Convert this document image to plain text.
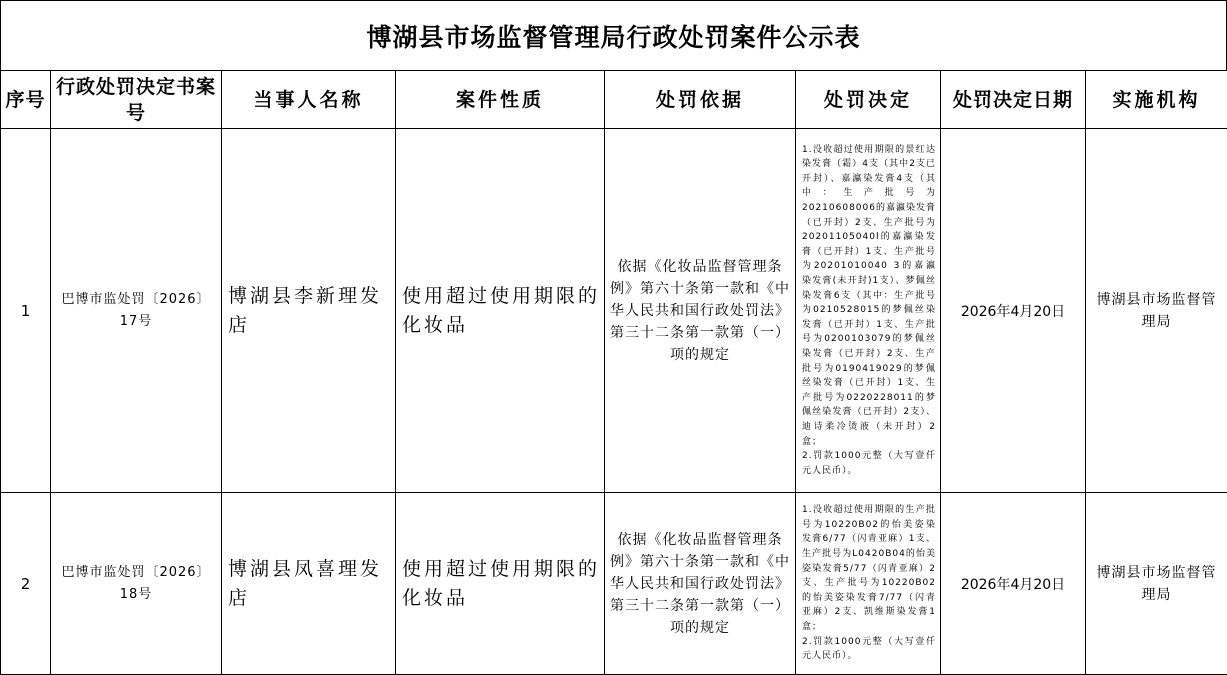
博湖县市场监督管理局行政处罚案件公示表
序号	行政处罚决定书案号	当事人名称	案件性质	处罚依据	处罚决定	处罚决定日期	实施机构
1	巴博市监处罚〔2026〕17号	博湖县李新理发店	使用超过使用期限的化妆品	依据《化妆品监督管理条例》第六十条第一款和《中华人民共和国行政处罚法》第三十二条第一款第（一）项的规定	1.没收超过使用期限的景红达染发膏（霜）4支（其中2支已开封）、嘉瀛染发膏4支（其中：生产批号为20210608006的嘉瀛染发膏（已开封）2支、生产批号为20201105040l的嘉瀛染发膏（已开封）1支、生产批号为20201010040 3的嘉瀛染发膏(未开封)1支）、梦佩丝染发膏6支（其中：生产批号为0210528015的梦佩丝染发膏（已开封）1支、生产批号为0200103079的梦佩丝染发膏（已开封）2支、生产批号为0190419029的梦佩丝染发膏（已开封）1支、生产批号为0220228011的梦佩丝染发膏（已开封）2支）、迪诗柔冷烫液（未开封）2盒；

2.罚款1000元整（大写壹仟元人民币）。	2026年4月20日	博湖县市场监督管理局
2	巴博市监处罚〔2026〕18号	博湖县凤喜理发店	使用超过使用期限的化妆品	依据《化妆品监督管理条例》第六十条第一款和《中华人民共和国行政处罚法》第三十二条第一款第（一）项的规定	1.没收超过使用期限的生产批号为10220B02的怡美姿染发膏6/77（闪青亚麻）1支、生产批号为L0420B04的怡美姿染发膏5/77（闪青亚麻）2支、生产批号为10220B02的怡美姿染发膏7/77（闪青亚麻）2支、凯维斯染发膏1盒；

2.罚款1000元整（大写壹仟元人民币）。	2026年4月20日	博湖县市场监督管理局
